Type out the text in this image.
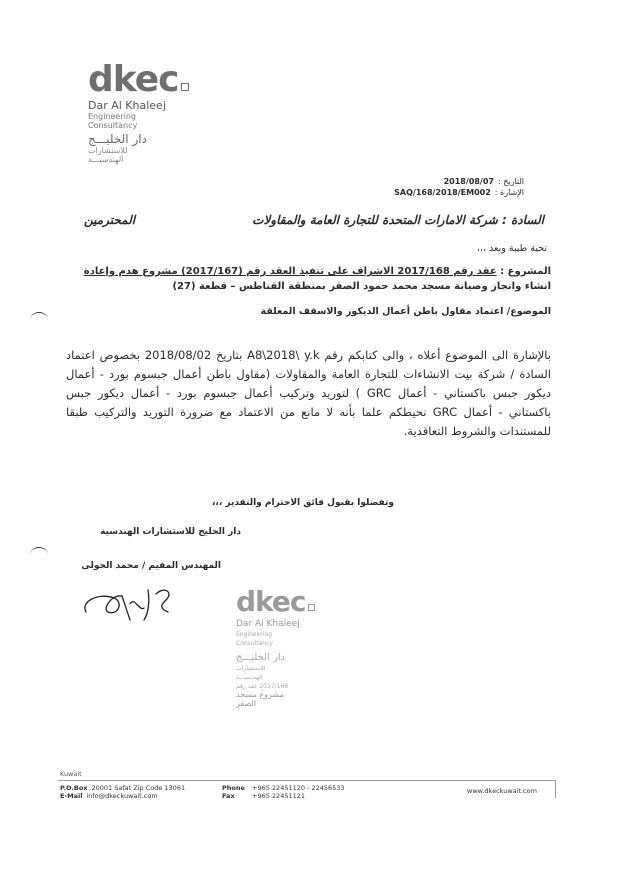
dkec
Dar Al Khaleej
Engineering
Consultancy
دار الخليـــج
للاستشارات
الهندسيـــة
التاريخ :2018/08/07
الإشارة :SAQ/168/2018/EM002
السادة : شركة الامارات المتحدة للتجارة العامة والمقاولات
المحترمين
تحية طيبة وبعد ،،،
المشروع : عقد رقم 2017/168 الاشراف على تنفيذ العقد رقم (2017/167) مشروع هدم وإعادة
انشاء وانجاز وصيانة مسجد محمد حمود الصقر بمنطقة القناطس – قطعة (27)
الموضوع/ اعتماد مقاول باطن أعمال الديكور والاسقف المعلقة
بالإشارة الى الموضوع أعلاه ، والى كتابكم رقم A8\2018\ y.k بتاريخ 2018/08/02 بخصوص اعتماد السادة / شركة بيت الانشاءات للتجارة العامة والمقاولات (مقاول باطن أعمال جبسوم بورد - أعمال ديكور جبس باكستاني - أعمال GRC ) لتوريد وتركيب أعمال جبسوم بورد - أعمال ديكور جبس باكستاني - أعمال GRC نحيطكم علما بأنه لا مانع من الاعتماد مع ضرورة التوريد والتركيب طبقا للمستندات والشروط التعاقدية.
وتفضلوا بقبول فائق الاحترام والتقدير ،،،
دار الخليج للاستشارات الهندسية
المهندس المقيم / محمد الخولى
dkec
Dar Al Khaleej
Engineering
Consultancy
دار الخليـــج
للاستشارات
الهندسيـــة
2017/168 عقد رقم
مشروع مسجد الصقر
Kuwait
P.O.Box 20001 Safat Zip Code 13061
E-Mail info@dkeckuwait.com
Phone
Fax
+965 22451120 - 22456533
+965 22451121
www.dkeckuwait.com
